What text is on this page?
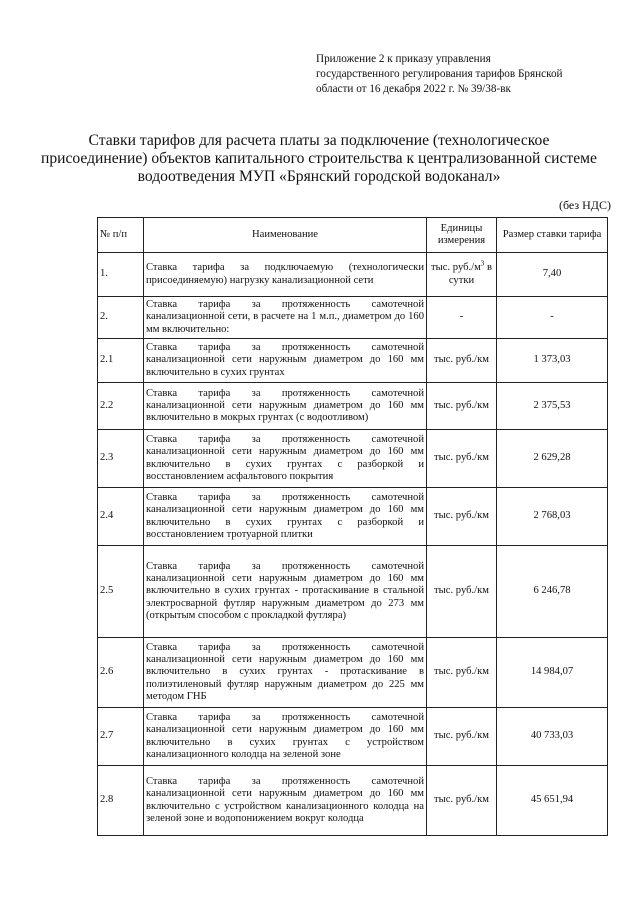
Приложение 2 к приказу управления
государственного регулирования тарифов Брянской
области от 16 декабря 2022 г. № 39/38-вк
Ставки тарифов для расчета платы за подключение (технологическое
присоединение) объектов капитального строительства к централизованной системе
водоотведения МУП «Брянский городской водоканал»
(без НДС)
№ п/п	Наименование	Единицы измерения	Размер ставки тарифа
1.	Ставка тарифа за подключаемую (технологически присоединяемую) нагрузку канализационной сети	тыс. $руб./м^3$ в сутки	7,40
2.	Ставка тарифа за протяженность самотечной канализационной сети, в расчете на 1 м.п., диаметром до 160 мм включительно:	-	-
2.1	Ставка тарифа за протяженность самотечной канализационной сети наружным диаметром до 160 мм включительно в сухих грунтах	тыс. руб./км	1 373,03
2.2	Ставка тарифа за протяженность самотечной канализационной сети наружным диаметром до 160 мм включительно в мокрых грунтах (с водоотливом)	тыс. руб./км	2 375,53
2.3	Ставка тарифа за протяженность самотечной канализационной сети наружным диаметром до 160 мм включительно в сухих грунтах с разборкой и восстановлением асфальтового покрытия	тыс. руб./км	2 629,28
2.4	Ставка тарифа за протяженность самотечной канализационной сети наружным диаметром до 160 мм включительно в сухих грунтах с разборкой и восстановлением тротуарной плитки	тыс. руб./км	2 768,03
2.5	Ставка тарифа за протяженность самотечной канализационной сети наружным диаметром до 160 мм включительно в сухих грунтах - протаскивание в стальной электросварной футляр наружным диаметром до 273 мм (открытым способом с прокладкой футляра)	тыс. руб./км	6 246,78
2.6	Ставка тарифа за протяженность самотечной канализационной сети наружным диаметром до 160 мм включительно в сухих грунтах - протаскивание в полиэтиленовый футляр наружным диаметром до 225 мм методом ГНБ	тыс. руб./км	14 984,07
2.7	Ставка тарифа за протяженность самотечной канализационной сети наружным диаметром до 160 мм включительно в сухих грунтах с устройством канализационного колодца на зеленой зоне	тыс. руб./км	40 733,03
2.8	Ставка тарифа за протяженность самотечной канализационной сети наружным диаметром до 160 мм включительно с устройством канализационного колодца на зеленой зоне и водопонижением вокруг колодца	тыс. руб./км	45 651,94
